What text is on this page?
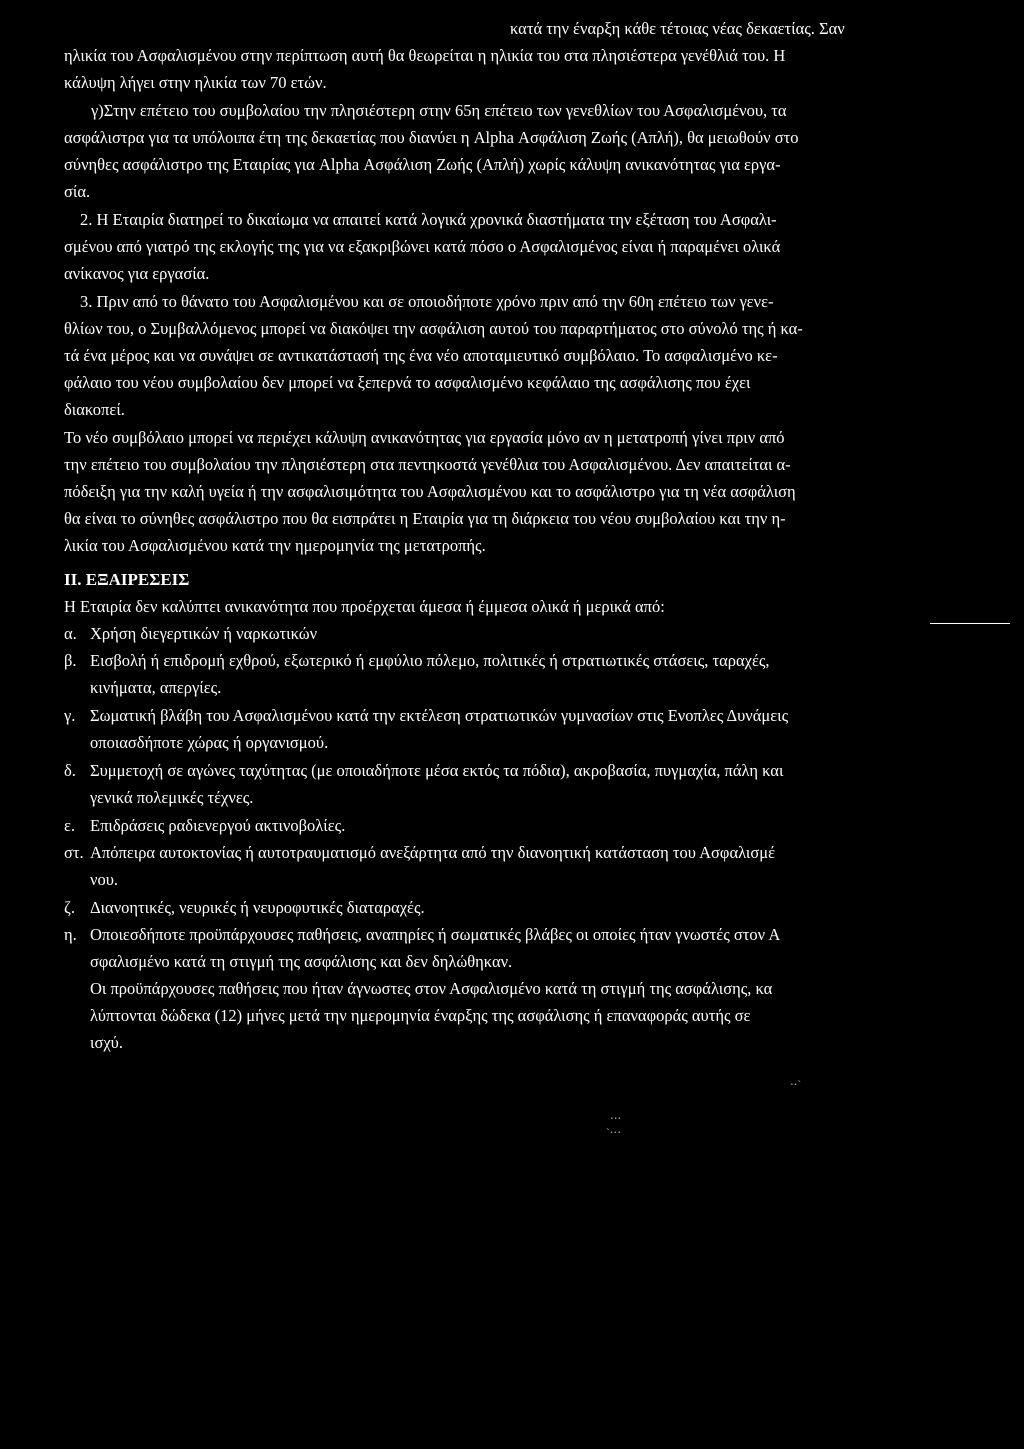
κατά την έναρξη κάθε τέτοιας νέας δεκαετίας. Σαν
ηλικία του Ασφαλισμένου στην περίπτωση αυτή θα θεωρείται η ηλικία του στα πλησιέστερα γενέθλιά του. Η
κάλυψη λήγει στην ηλικία των 70 ετών.
γ)Στην επέτειο του συμβολαίου την πλησιέστερη στην 65η επέτειο των γενεθλίων του Ασφαλισμένου, τα
ασφάλιστρα για τα υπόλοιπα έτη της δεκαετίας που διανύει η Alpha Ασφάλιση Ζωής (Απλή), θα μειωθούν στο
σύνηθες ασφάλιστρο της Εταιρίας για Alpha Ασφάλιση Ζωής (Απλή) χωρίς κάλυψη ανικανότητας για εργα-
σία.
2. Η Εταιρία διατηρεί το δικαίωμα να απαιτεί κατά λογικά χρονικά διαστήματα την εξέταση του Ασφαλι-
σμένου από γιατρό της εκλογής της για να εξακριβώνει κατά πόσο ο Ασφαλισμένος είναι ή παραμένει ολικά
ανίκανος για εργασία.
3. Πριν από το θάνατο του Ασφαλισμένου και σε οποιοδήποτε χρόνο πριν από την 60η επέτειο των γενε-
θλίων του, ο Συμβαλλόμενος μπορεί να διακόψει την ασφάλιση αυτού του παραρτήματος στο σύνολό της ή κα-
τά ένα μέρος και να συνάψει σε αντικατάστασή της ένα νέο αποταμιευτικό συμβόλαιο. Το ασφαλισμένο κε-
φάλαιο του νέου συμβολαίου δεν μπορεί να ξεπερνά το ασφαλισμένο κεφάλαιο της ασφάλισης που έχει
διακοπεί.
Το νέο συμβόλαιο μπορεί να περιέχει κάλυψη ανικανότητας για εργασία μόνο αν η μετατροπή γίνει πριν από
την επέτειο του συμβολαίου την πλησιέστερη στα πεντηκοστά γενέθλια του Ασφαλισμένου. Δεν απαιτείται α-
πόδειξη για την καλή υγεία ή την ασφαλισιμότητα του Ασφαλισμένου και το ασφάλιστρο για τη νέα ασφάλιση
θα είναι το σύνηθες ασφάλιστρο που θα εισπράτει η Εταιρία για τη διάρκεια του νέου συμβολαίου και την η-
λικία του Ασφαλισμένου κατά την ημερομηνία της μετατροπής.
ΙΙ. ΕΞΑΙΡΕΣΕΙΣ
Η Εταιρία δεν καλύπτει ανικανότητα που προέρχεται άμεσα ή έμμεσα ολικά ή μερικά από:
α. Χρήση διεγερτικών ή ναρκωτικών
β. Εισβολή ή επιδρομή εχθρού, εξωτερικό ή εμφύλιο πόλεμο, πολιτικές ή στρατιωτικές στάσεις, ταραχές,
κινήματα, απεργίες.
γ. Σωματική βλάβη του Ασφαλισμένου κατά την εκτέλεση στρατιωτικών γυμνασίων στις Ενοπλες Δυνάμεις
οποιασδήποτε χώρας ή οργανισμού.
δ. Συμμετοχή σε αγώνες ταχύτητας (με οποιαδήποτε μέσα εκτός τα πόδια), ακροβασία, πυγμαχία, πάλη και
γενικά πολεμικές τέχνες.
ε. Επιδράσεις ραδιενεργού ακτινοβολίες.
στ. Απόπειρα αυτοκτονίας ή αυτοτραυματισμό ανεξάρτητα από την διανοητική κατάσταση του Ασφαλισμέ
νου.
ζ. Διανοητικές, νευρικές ή νευροφυτικές διαταραχές.
η. Οποιεσδήποτε προϋπάρχουσες παθήσεις, αναπηρίες ή σωματικές βλάβες οι οποίες ήταν γνωστές στον Α
σφαλισμένο κατά τη στιγμή της ασφάλισης και δεν δηλώθηκαν.
Οι προϋπάρχουσες παθήσεις που ήταν άγνωστες στον Ασφαλισμένο κατά τη στιγμή της ασφάλισης, κα
λύπτονται δώδεκα (12) μήνες μετά την ημερομηνία έναρξης της ασφάλισης ή επαναφοράς αυτής σε
ισχύ.
⋅⋅ˋ
⋅⋅⋅
ˋ⋅⋅⋅
